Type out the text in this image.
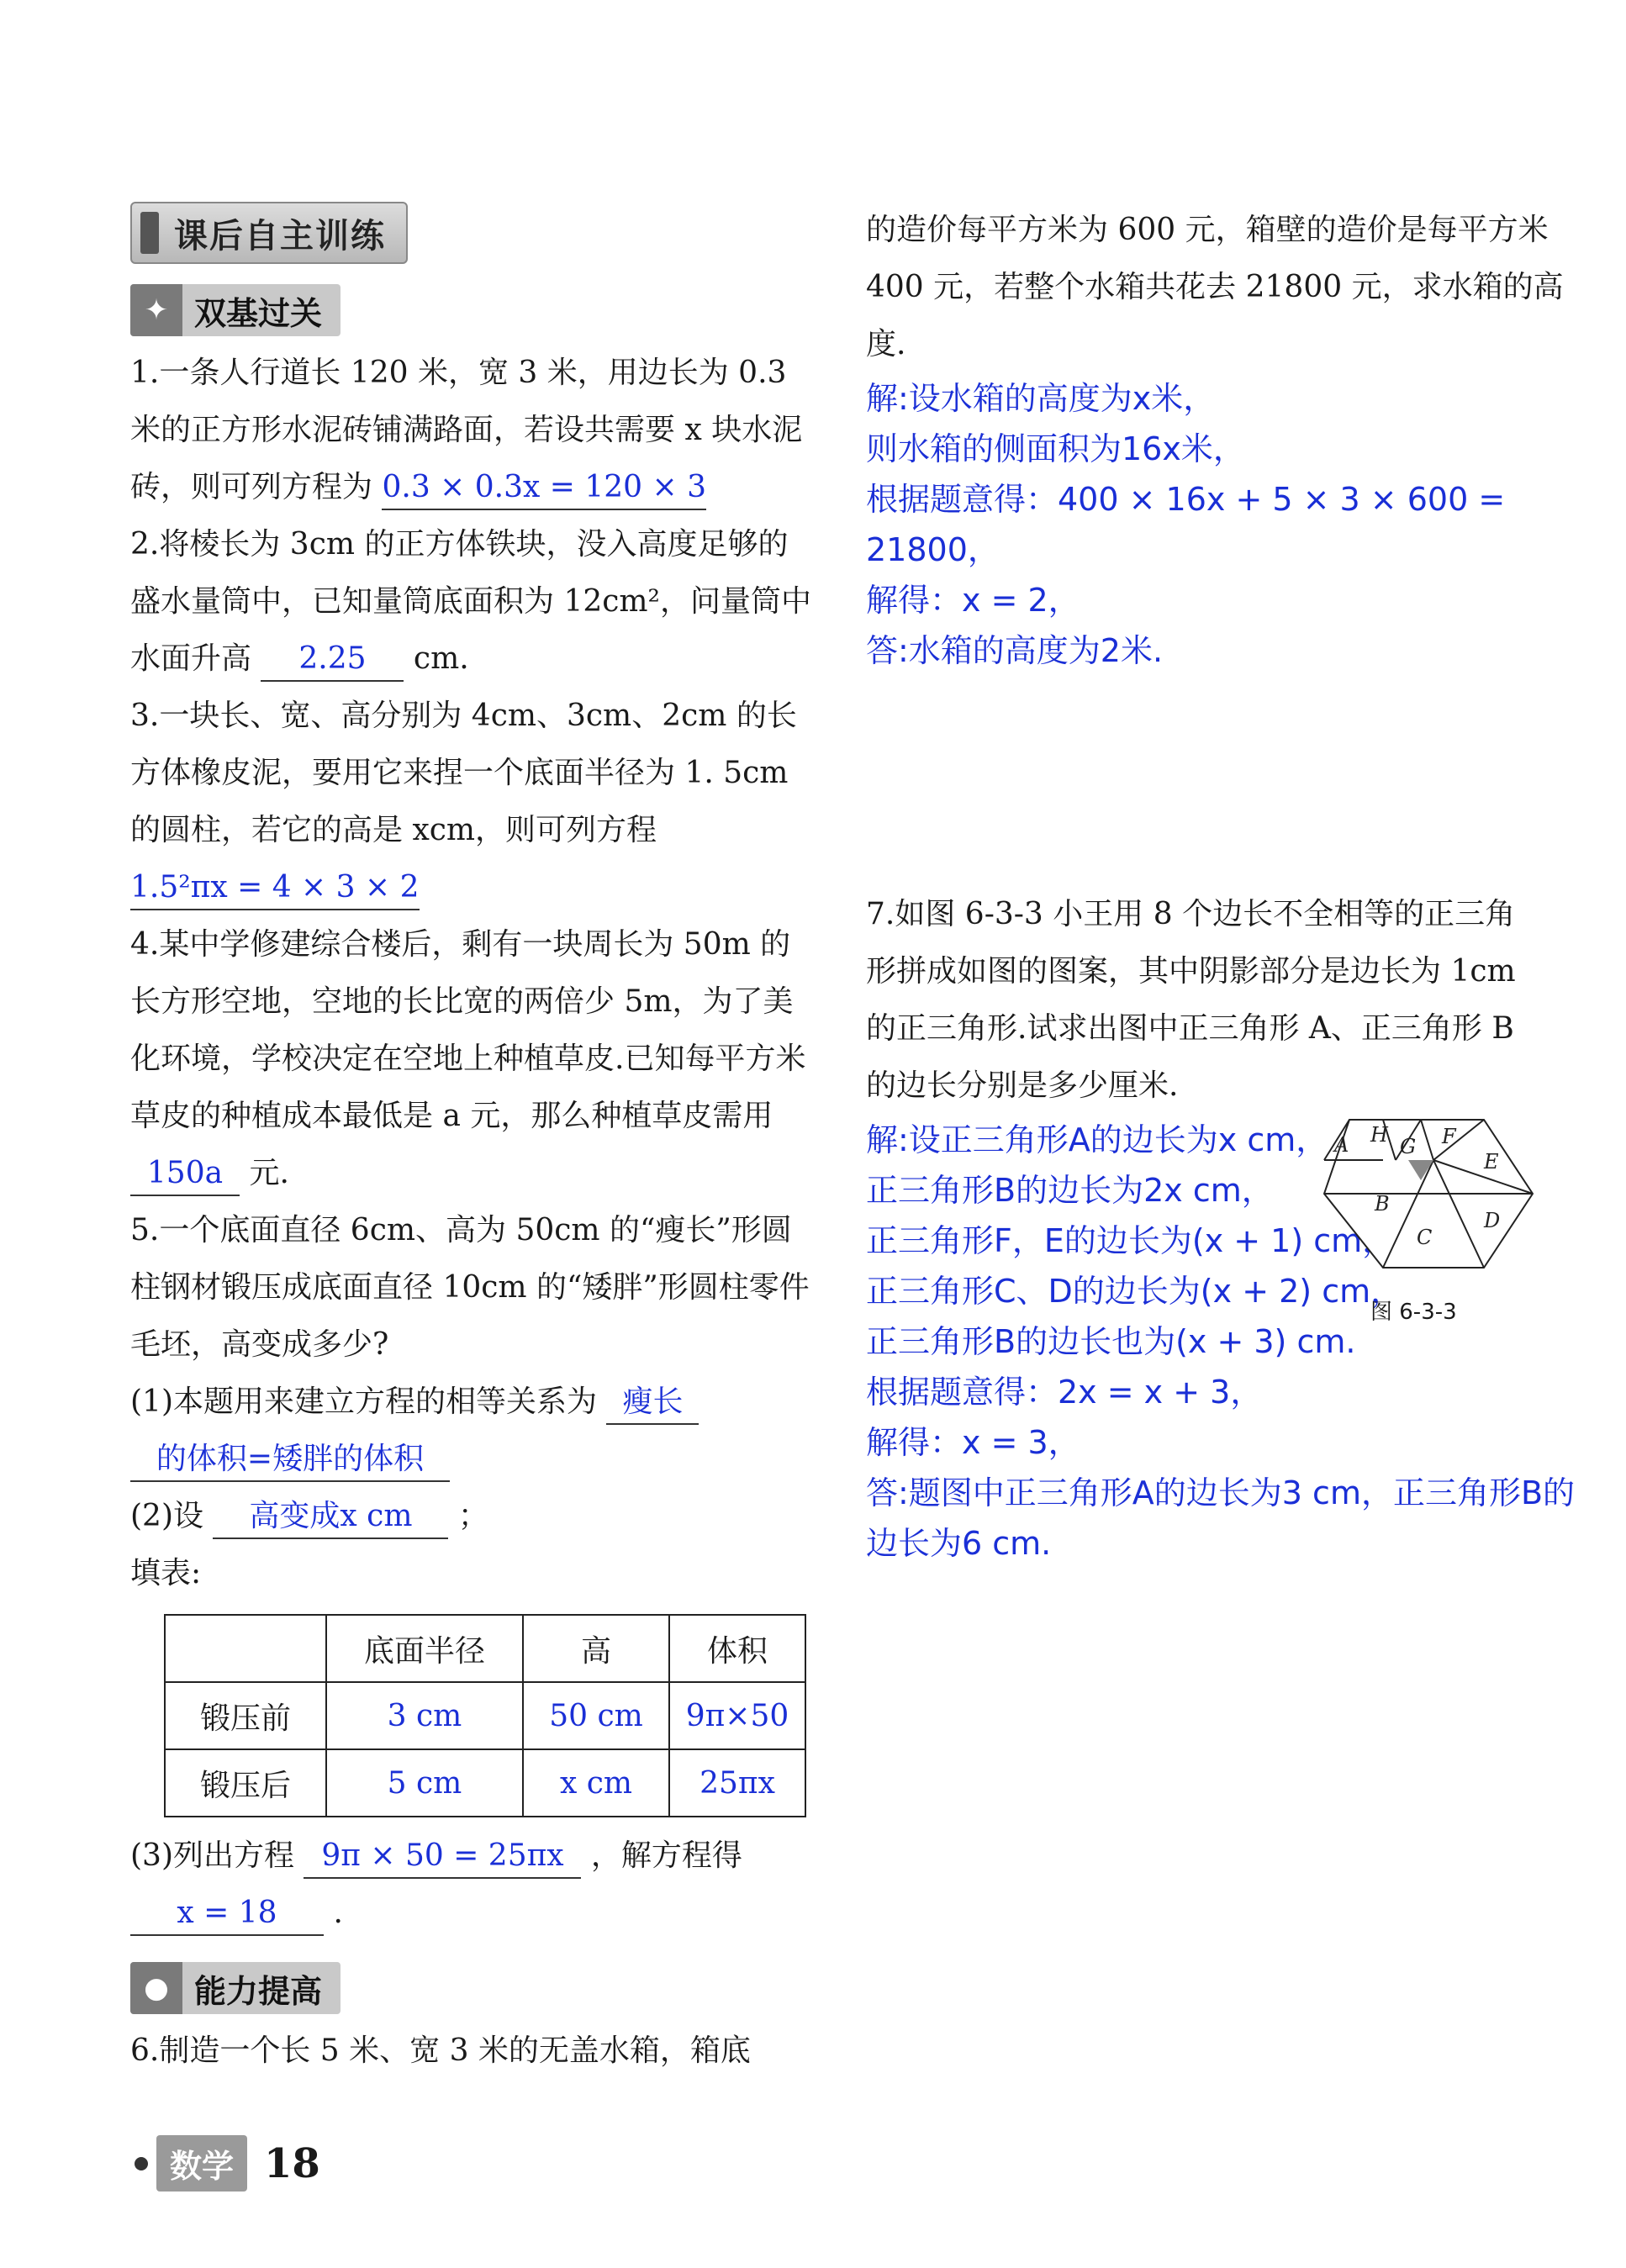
课后自主训练

✦ 双基过关
1.一条人行道长 120 米，宽 3 米，用边长为 0.3 米的正方形水泥砖铺满路面，若设共需要 x 块水泥砖，则可列方程为 0.3 × 0.3x = 120 × 3
2.将棱长为 3cm 的正方体铁块，没入高度足够的盛水量筒中，已知量筒底面积为 12cm²，问量筒中水面升高 2.25 cm.
3.一块长、宽、高分别为 4cm、3cm、2cm 的长方体橡皮泥，要用它来捏一个底面半径为 1. 5cm 的圆柱，若它的高是 xcm，则可列方程
1.5²πx = 4 × 3 × 2
4.某中学修建综合楼后，剩有一块周长为 50m 的长方形空地，空地的长比宽的两倍少 5m，为了美化环境，学校决定在空地上种植草皮.已知每平方米草皮的种植成本最低是 a 元，那么种植草皮需用 150a 元.
5.一个底面直径 6cm、高为 50cm 的“瘦长”形圆柱钢材锻压成底面直径 10cm 的“矮胖”形圆柱零件毛坯，高变成多少?
(1)本题用来建立方程的相等关系为 瘦长
的体积=矮胖的体积
(2)设 高变成x cm ；
填表:
	底面半径	高	体积
锻压前	3 cm	50 cm	9π×50
锻压后	5 cm	x cm	25πx
(3)列出方程 9π × 50 = 25πx ，解方程得 x = 18 .
● 能力提高
6.制造一个长 5 米、宽 3 米的无盖水箱，箱底
的造价每平方米为 600 元，箱壁的造价是每平方米 400 元，若整个水箱共花去 21800 元，求水箱的高度.
解:设水箱的高度为x米，
则水箱的侧面积为16x米，
根据题意得：400 × 16x + 5 × 3 × 600 = 21800，
解得：x = 2，
答:水箱的高度为2米.
7.如图 6-3-3 小王用 8 个边长不全相等的正三角形拼成如图的图案，其中阴影部分是边长为 1cm 的正三角形.试求出图中正三角形 A、正三角形 B 的边长分别是多少厘米.
解:设正三角形A的边长为x cm，
正三角形B的边长为2x cm，
正三角形F，E的边长为(x + 1) cm，
正三角形C、D的边长为(x + 2) cm，
正三角形B的边长也为(x + 3) cm.
根据题意得：2x = x + 3，
解得：x = 3，
答:题图中正三角形A的边长为3 cm，正三角形B的边长为6 cm.
A H G F
E
B
D
C
图 6-3-3
数学 18
